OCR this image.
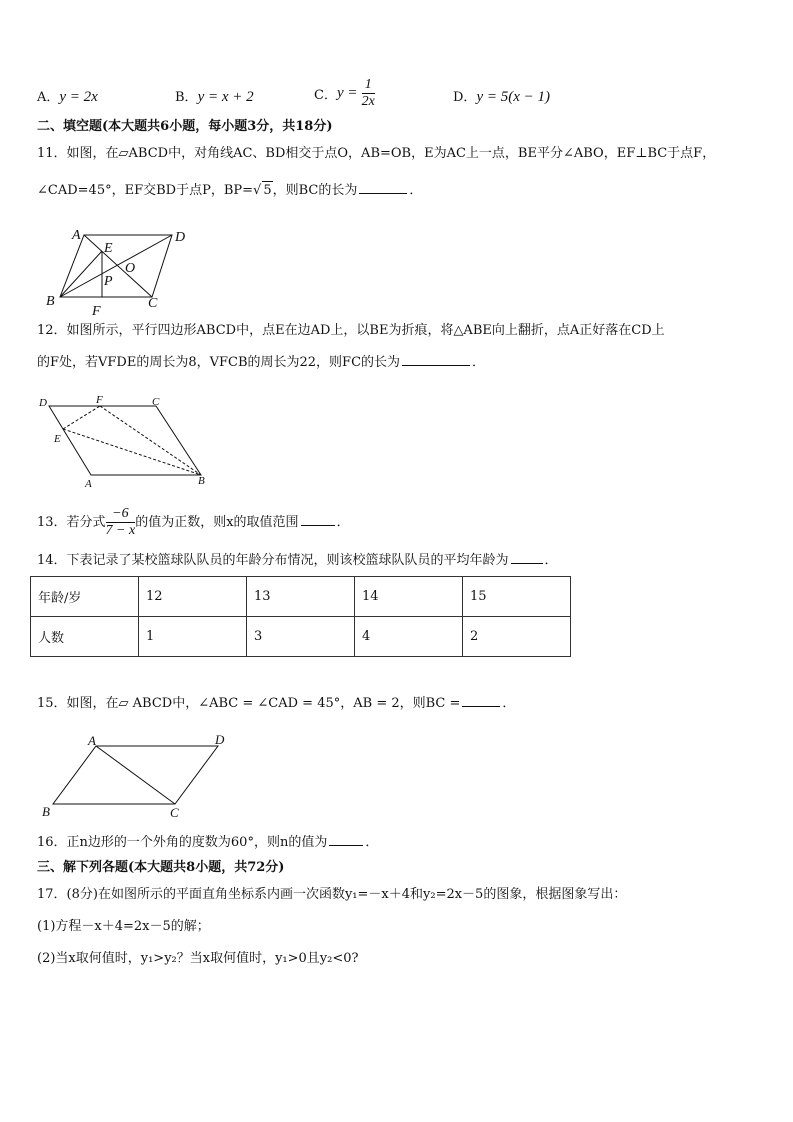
A．y = 2x	B．y = x + 2	C．$y = \frac{1}{2x}$	D．y = 5(x − 1)
二、填空题(本大题共6小题，每小题3分，共18分)
11．如图，在▱ABCD中，对角线AC、BD相交于点O，AB=OB，E为AC上一点，BE平分∠ABO，EF⊥BC于点F，
∠CAD=45°，EF交BD于点P，BP=√ 5，则BC的长为	．
A	D
B	C
E
O
P
F
12．如图所示，平行四边形ABCD中，点E在边AD上，以BE为折痕，将△ABE向上翻折，点A正好落在CD上
的F处，若VFDE的周长为8，VFCB的周长为22，则FC的长为	．
D	F	C
E
A	B
13．若分式 $\frac{-6}{7 - x}$ 的值为正数，则x的取值范围	．
14．下表记录了某校篮球队队员的年龄分布情况，则该校篮球队队员的平均年龄为	．
年龄/岁	12	13	14	15
人数	1	3	4	2
15．如图，在▱ ABCD中，∠ABC = ∠CAD = 45°，AB = 2，则BC =	．
A	D
B	C
16．正n边形的一个外角的度数为60°，则n的值为	．
三、解下列各题(本大题共8小题，共72分)
17．(8分)在如图所示的平面直角坐标系内画一次函数y₁=－x＋4和y₂=2x－5的图象，根据图象写出：
(1)方程－x＋4=2x－5的解；
(2)当x取何值时，y₁>y₂？当x取何值时，y₁>0且y₂<0?
